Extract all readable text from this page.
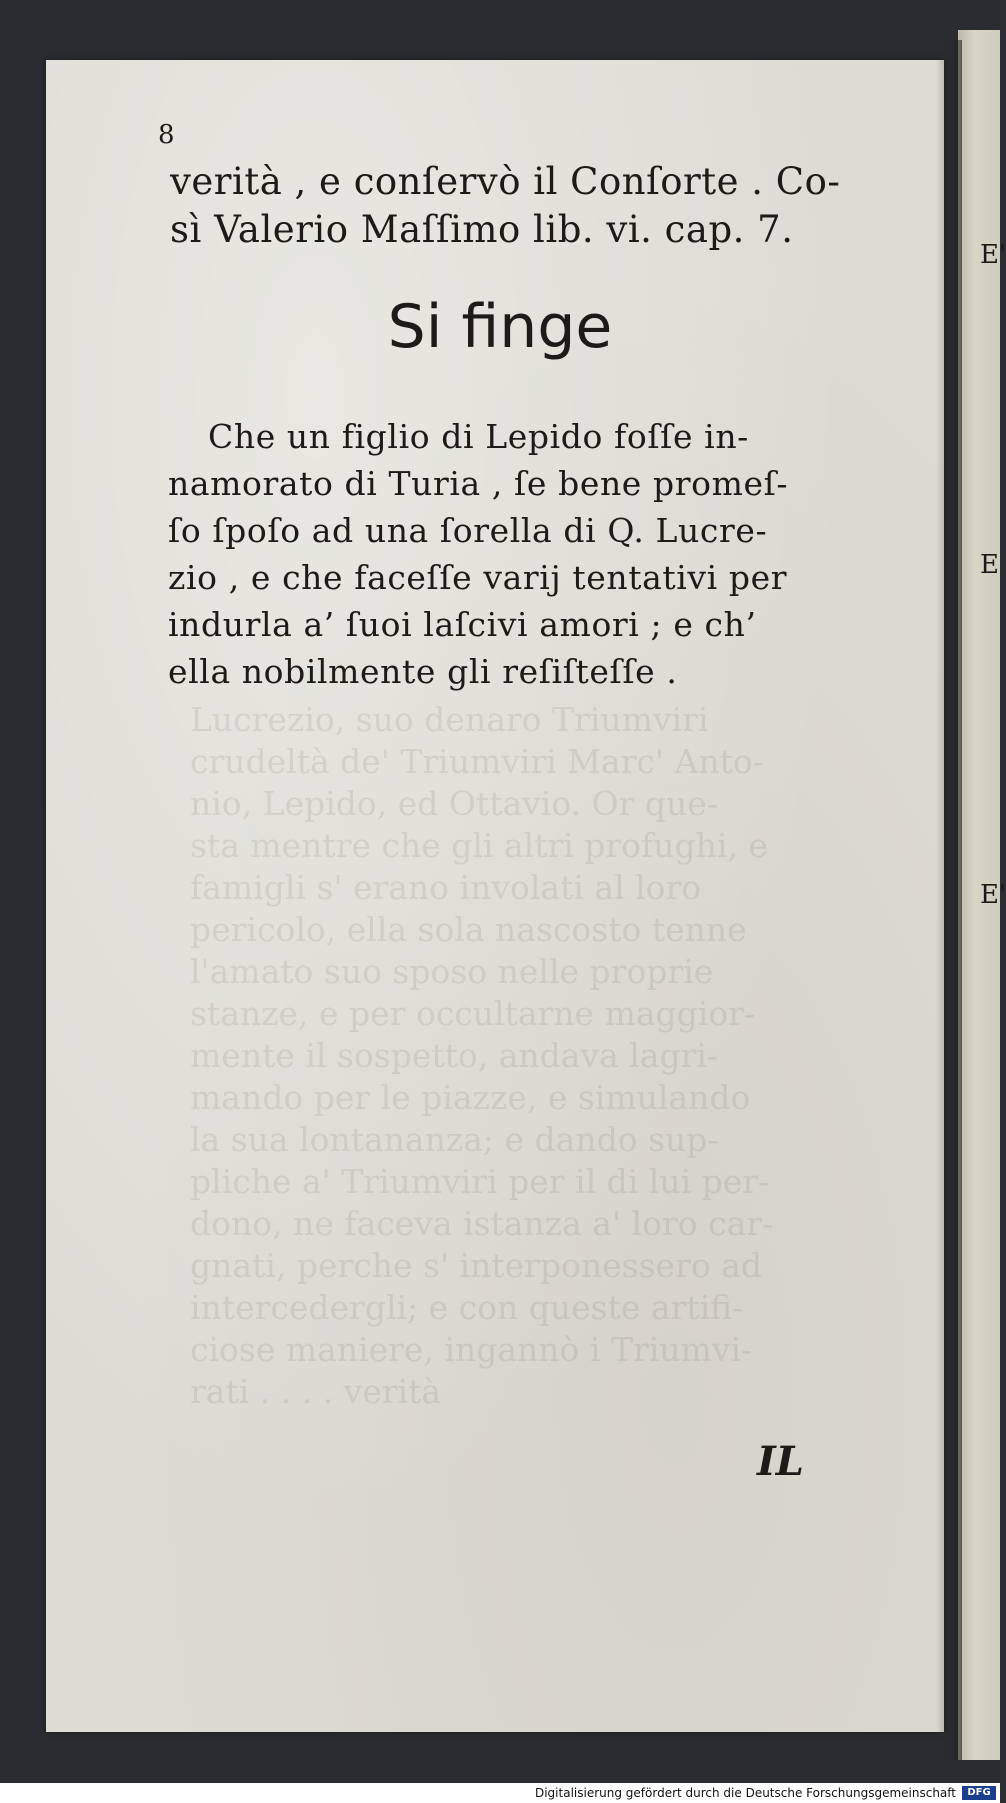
E'
E
E'
Lucrezio, suo denaro Triumviri
crudeltà de' Triumviri Marc' Anto-
nio, Lepido, ed Ottavio. Or que-
sta mentre che gli altri profughi, e
famigli s' erano involati al loro
pericolo, ella sola nascosto tenne
l'amato suo sposo nelle proprie
stanze, e per occultarne maggior-
mente il sospetto, andava lagri-
mando per le piazze, e simulando
la sua lontananza; e dando sup-
pliche a' Triumviri per il di lui per-
dono, ne faceva istanza a' loro car-
gnati, perche s' interponessero ad
intercedergli; e con queste artifi-
ciose maniere, ingannò i Triumvi-
rati . . . . verità
8
verità , e conſervò il Conſorte . Co-
sì Valerio Maſſimo lib. vi. cap. 7.
Si finge
Che un figlio di Lepido foſſe in-
namorato di Turia , ſe bene promeſ-
ſo ſpoſo ad una ſorella di Q. Lucre-
zio , e che faceſſe varij tentativi per
indurla a’ ſuoi laſcivi amori ; e ch’
ella nobilmente gli reſiſteſſe .
IL
Digitalisierung gefördert durch die Deutsche Forschungsgemeinschaft	DFG
